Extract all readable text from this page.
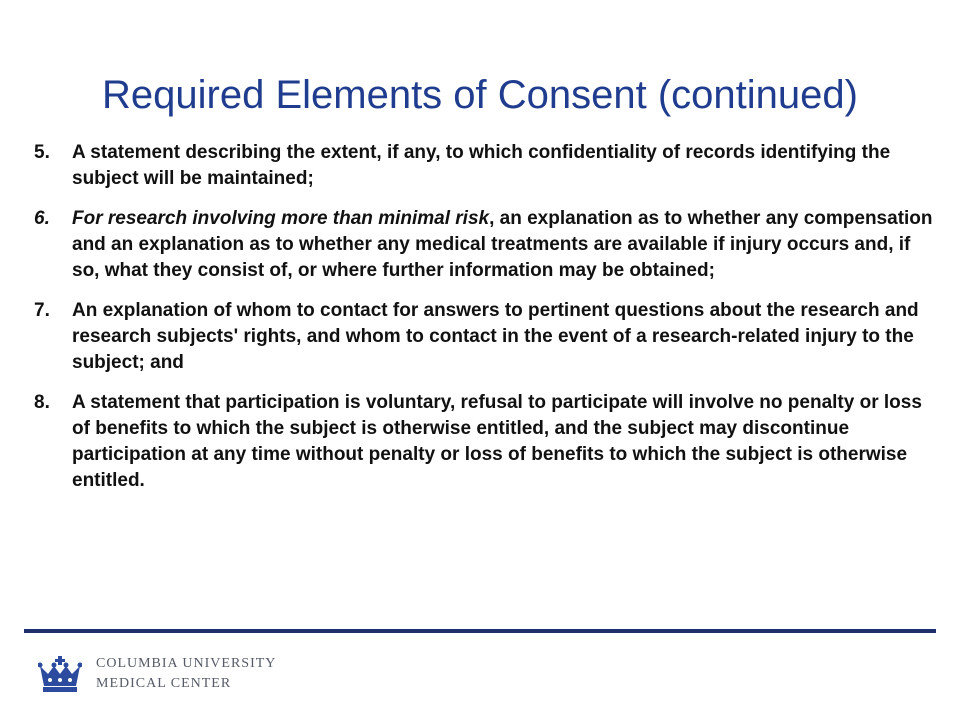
Required Elements of Consent (continued)
5.	A statement describing the extent, if any, to which confidentiality of records identifying the subject will be maintained;
6.	For research involving more than minimal risk, an explanation as to whether any compensation and an explanation as to whether any medical treatments are available if injury occurs and, if so, what they consist of, or where further information may be obtained;
7.	An explanation of whom to contact for answers to pertinent questions about the research and research subjects' rights, and whom to contact in the event of a research-related injury to the subject; and
8.	A statement that participation is voluntary, refusal to participate will involve no penalty or loss of benefits to which the subject is otherwise entitled, and the subject may discontinue participation at any time without penalty or loss of benefits to which the subject is otherwise entitled.
COLUMBIA UNIVERSITY
MEDICAL CENTER
